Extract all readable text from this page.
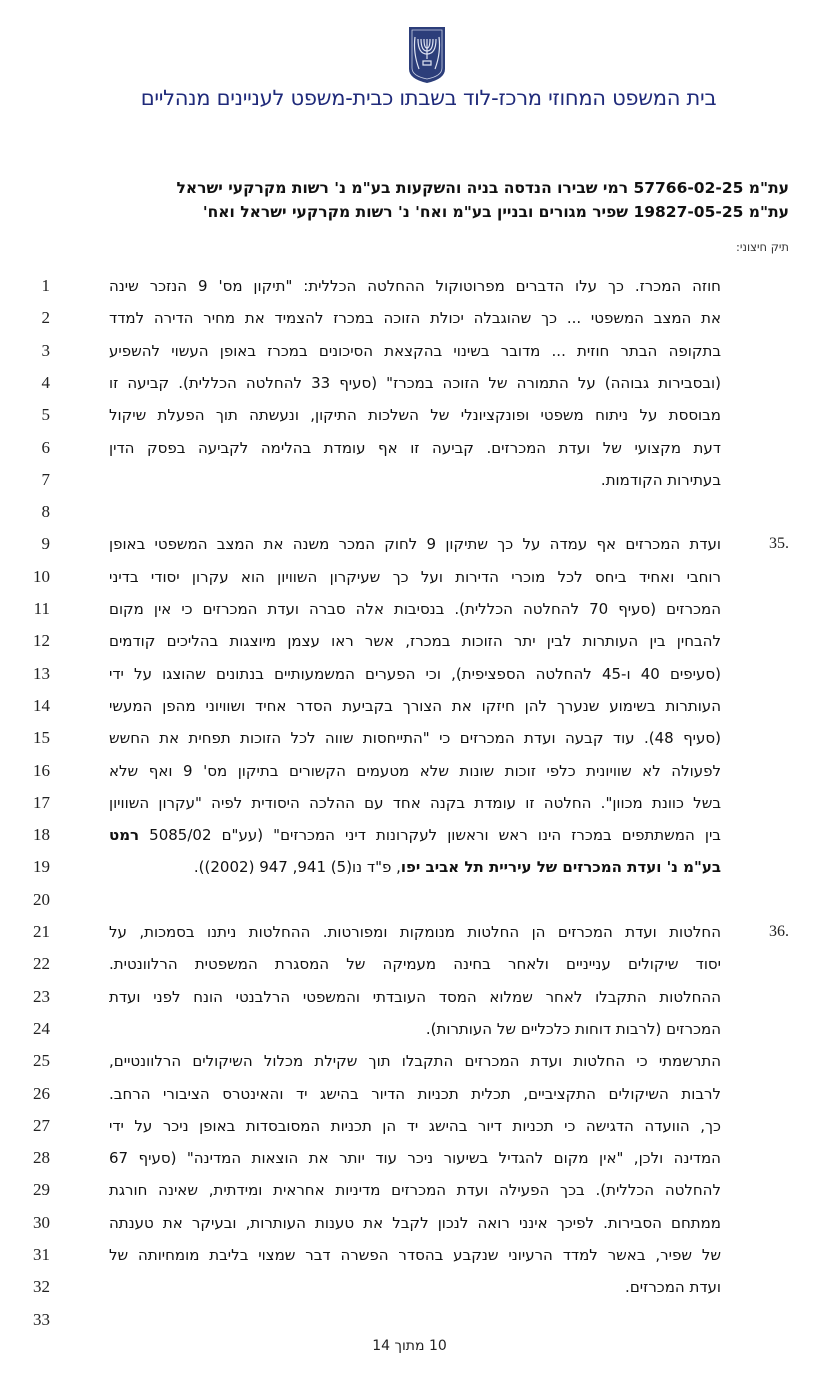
בית המשפט המחוזי מרכז-לוד בשבתו כבית-משפט לעניינים מנהליים
עת"מ 57766-02-25 רמי שבירו הנדסה בניה והשקעות בע"מ נ' רשות מקרקעי ישראל
עת"מ 19827-05-25 שפיר מגורים ובניין בע"מ ואח' נ' רשות מקרקעי ישראל ואח'
תיק חיצוני:
1	חוזה המכרז. כך עלו הדברים מפרוטוקול ההחלטה הכללית: "תיקון מס' 9 הנזכר שינה
2	את המצב המשפטי ... כך שהוגבלה יכולת הזוכה במכרז להצמיד את מחיר הדירה למדד
3	בתקופה הבתר חוזית ... מדובר בשינוי בהקצאת הסיכונים במכרז באופן העשוי להשפיע
4	(ובסבירות גבוהה) על התמורה של הזוכה במכרז" (סעיף 33 להחלטה הכללית). קביעה זו
5	מבוססת על ניתוח משפטי ופונקציונלי של השלכות התיקון, ונעשתה תוך הפעלת שיקול
6	דעת מקצועי של ועדת המכרזים. קביעה זו אף עומדת בהלימה לקביעה בפסק הדין
7	בעתירות הקודמות.
8
9	ועדת המכרזים אף עמדה על כך שתיקון 9 לחוק המכר משנה את המצב המשפטי באופן	35.
10	רוחבי ואחיד ביחס לכל מוכרי הדירות ועל כך שעיקרון השוויון הוא עקרון יסודי בדיני
11	המכרזים (סעיף 70 להחלטה הכללית). בנסיבות אלה סברה ועדת המכרזים כי אין מקום
12	להבחין בין העותרות לבין יתר הזוכות במכרז, אשר ראו עצמן מיוצגות בהליכים קודמים
13	(סעיפים 40 ו-45 להחלטה הספציפית), וכי הפערים המשמעותיים בנתונים שהוצגו על ידי
14	העותרות בשימוע שנערך להן חיזקו את הצורך בקביעת הסדר אחיד ושוויוני מהפן המעשי
15	(סעיף 48). עוד קבעה ועדת המכרזים כי "התייחסות שווה לכל הזוכות תפחית את החשש
16	לפעולה לא שוויונית כלפי זוכות שונות שלא מטעמים הקשורים בתיקון מס' 9 ואף שלא
17	בשל כוונת מכוון". החלטה זו עומדת בקנה אחד עם ההלכה היסודית לפיה "עקרון השוויון
18	בין המשתתפים במכרז הינו ראש וראשון לעקרונות דיני המכרזים" (עע"ם 5085/02 רמט
19	בע"מ נ' ועדת המכרזים של עיריית תל אביב יפו, פ"ד נו(5) 941, 947 (2002)).
20
21	החלטות ועדת המכרזים הן החלטות מנומקות ומפורטות. ההחלטות ניתנו בסמכות, על	36.
22	יסוד שיקולים ענייניים ולאחר בחינה מעמיקה של המסגרת המשפטית הרלוונטית.
23	ההחלטות התקבלו לאחר שמלוא המסד העובדתי והמשפטי הרלבנטי הונח לפני ועדת
24	המכרזים (לרבות דוחות כלכליים של העותרות).
25	התרשמתי כי החלטות ועדת המכרזים התקבלו תוך שקילת מכלול השיקולים הרלוונטיים,
26	לרבות השיקולים התקציביים, תכלית תכניות הדיור בהישג יד והאינטרס הציבורי הרחב.
27	כך, הוועדה הדגישה כי תכניות דיור בהישג יד הן תכניות המסובסדות באופן ניכר על ידי
28	המדינה ולכן, "אין מקום להגדיל בשיעור ניכר עוד יותר את הוצאות המדינה" (סעיף 67
29	להחלטה הכללית). בכך הפעילה ועדת המכרזים מדיניות אחראית ומידתית, שאינה חורגת
30	ממתחם הסבירות. לפיכך אינני רואה לנכון לקבל את טענות העותרות, ובעיקר את טענתה
31	של שפיר, באשר למדד הרעיוני שנקבע בהסדר הפשרה דבר שמצוי בליבת מומחיותה של
32	ועדת המכרזים.
33
10 מתוך 14
